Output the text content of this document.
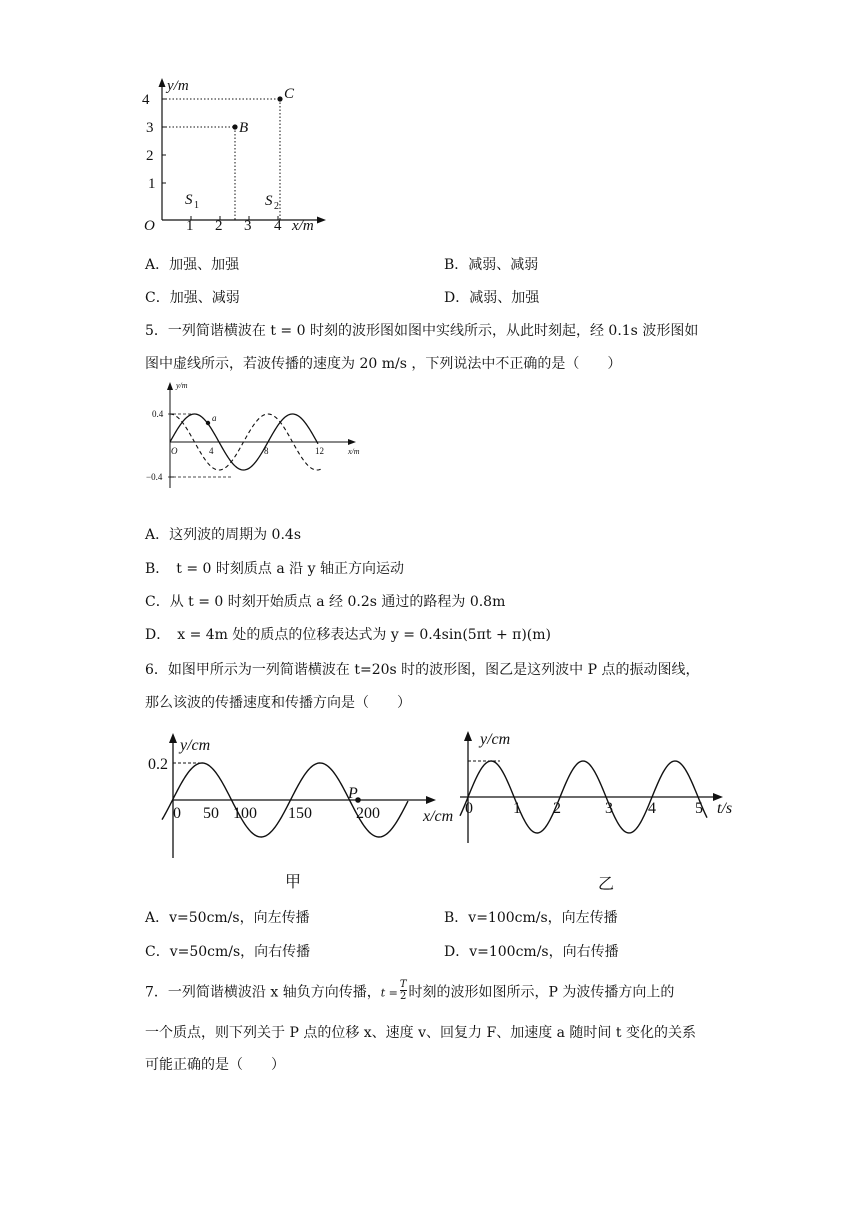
y/m
4
3
2
1
O 1 2 3 4 x/m
C
B
S 1	S 2
A．加强、加强	B．减弱、减弱
C．加强、减弱	D．减弱、加强
5．一列简谐横波在 t = 0 时刻的波形图如图中实线所示，从此时刻起，经 0.1s 波形图如
图中虚线所示，若波传播的速度为 20 m/s ，下列说法中不正确的是（　　）
a
y/m
0.4
−0.4
O	4	8	12	x/m
A．这列波的周期为 0.4s
B．　t = 0 时刻质点 a 沿 y 轴正方向运动
C．从 t = 0 时刻开始质点 a 经 0.2s 通过的路程为 0.8m
D．　x = 4m 处的质点的位移表达式为 y = 0.4sin(5πt + π)(m)
6．如图甲所示为一列简谐横波在 t=20s 时的波形图，图乙是这列波中 P 点的振动图线，
那么该波的传播速度和传播方向是（　　）
P
y/cm
0.2
0 50 100 150	200	x/cm
甲
y/cm
0	1 2	3 4 5 t/s
乙
A．v=50cm/s，向左传播	B．v=100cm/s，向左传播
C．v=50cm/s，向右传播	D．v=100cm/s，向右传播
7．一列简谐横波沿 x 轴负方向传播，$t = \frac{T}{2}$ 时刻的波形如图所示，P 为波传播方向上的
一个质点，则下列关于 P 点的位移 x、速度 v、回复力 F、加速度 a 随时间 t 变化的关系
可能正确的是（　　）
